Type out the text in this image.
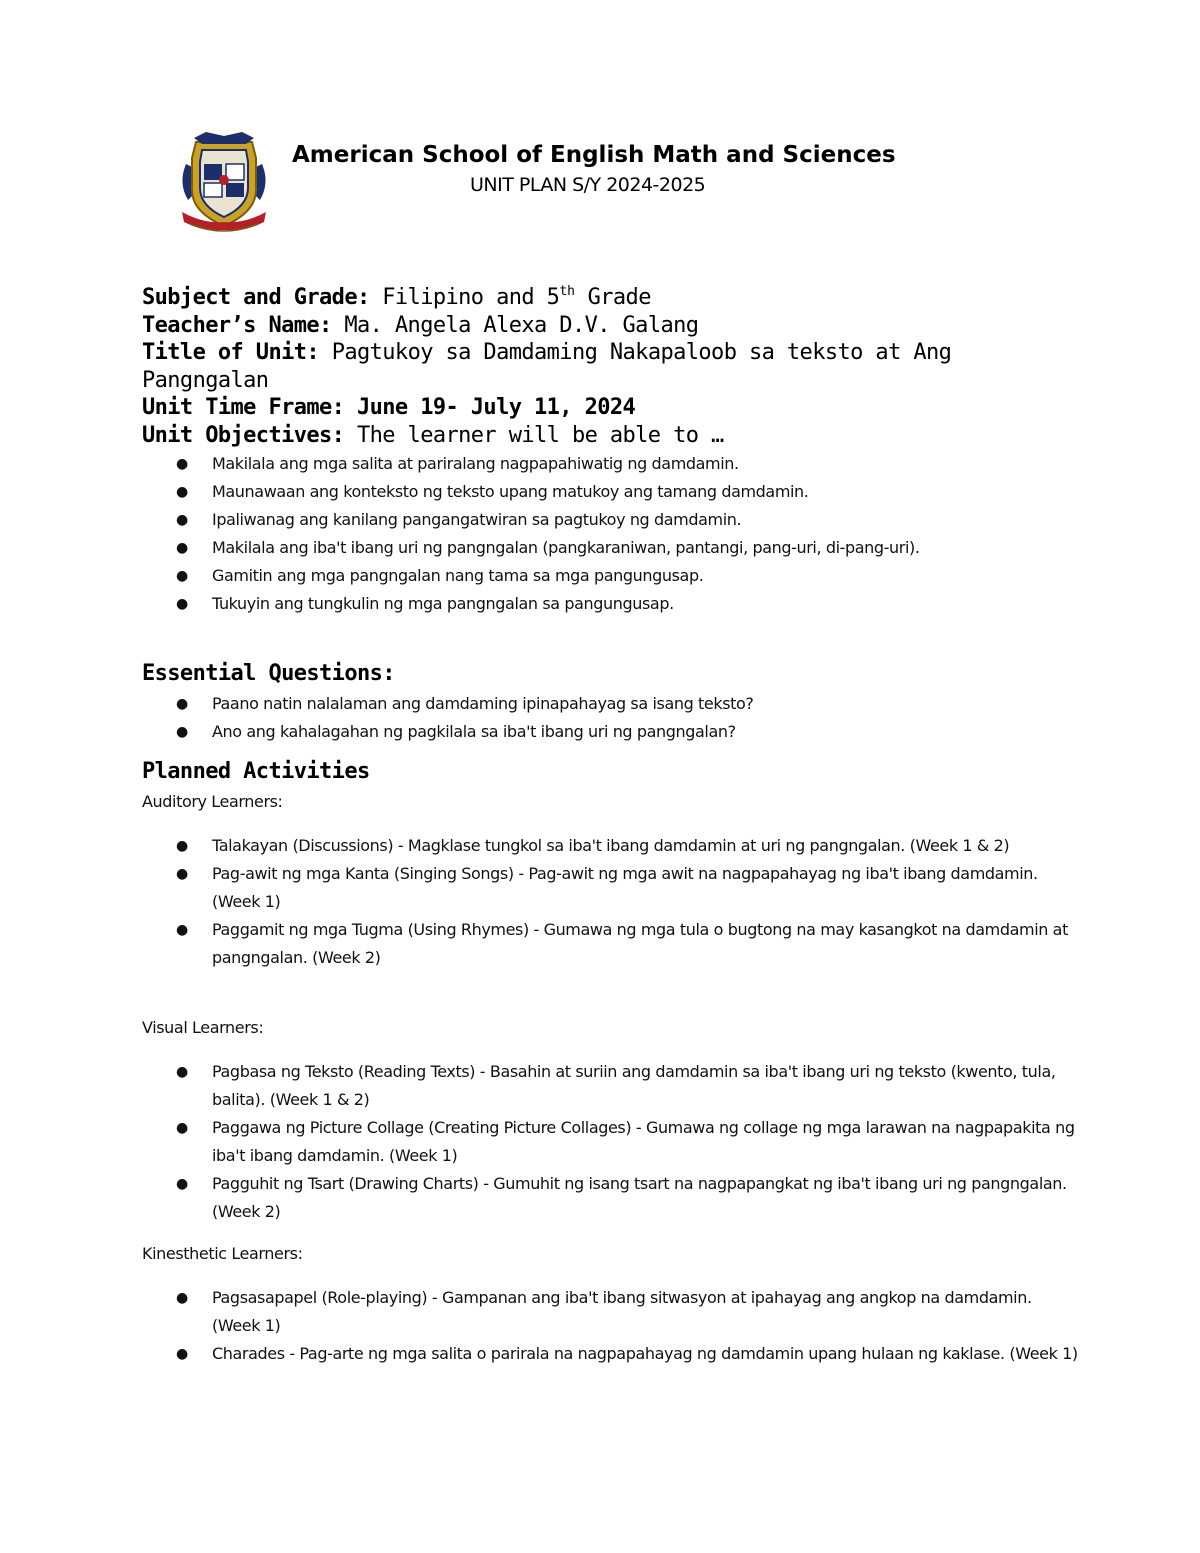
American School of English Math and Sciences
UNIT PLAN S/Y 2024-2025

Subject and Grade: Filipino and 5th Grade

Teacher’s Name: Ma. Angela Alexa D.V. Galang

Title of Unit: Pagtukoy sa Damdaming Nakapaloob sa teksto at Ang Pangngalan

Unit Time Frame: June 19- July 11, 2024

Unit Objectives: The learner will be able to …

● Makilala ang mga salita at pariralang nagpapahiwatig ng damdamin.
● Maunawaan ang konteksto ng teksto upang matukoy ang tamang damdamin.
● Ipaliwanag ang kanilang pangangatwiran sa pagtukoy ng damdamin.
● Makilala ang iba't ibang uri ng pangngalan (pangkaraniwan, pantangi, pang-uri, di-pang-uri).
● Gamitin ang mga pangngalan nang tama sa mga pangungusap.
● Tukuyin ang tungkulin ng mga pangngalan sa pangungusap.
Essential Questions:
● Paano natin nalalaman ang damdaming ipinapahayag sa isang teksto?
● Ano ang kahalagahan ng pagkilala sa iba't ibang uri ng pangngalan?
Planned Activities
Auditory Learners:
● Talakayan (Discussions) - Magklase tungkol sa iba't ibang damdamin at uri ng pangngalan. (Week 1 & 2)
● Pag-awit ng mga Kanta (Singing Songs) - Pag-awit ng mga awit na nagpapahayag ng iba't ibang damdamin. (Week 1)
● Paggamit ng mga Tugma (Using Rhymes) - Gumawa ng mga tula o bugtong na may kasangkot na damdamin at pangngalan. (Week 2)
Visual Learners:
● Pagbasa ng Teksto (Reading Texts) - Basahin at suriin ang damdamin sa iba't ibang uri ng teksto (kwento, tula, balita). (Week 1 & 2)
● Paggawa ng Picture Collage (Creating Picture Collages) - Gumawa ng collage ng mga larawan na nagpapakita ng iba't ibang damdamin. (Week 1)
● Pagguhit ng Tsart (Drawing Charts) - Gumuhit ng isang tsart na nagpapangkat ng iba't ibang uri ng pangngalan. (Week 2)
Kinesthetic Learners:
● Pagsasapapel (Role-playing) - Gampanan ang iba't ibang sitwasyon at ipahayag ang angkop na damdamin. (Week 1)
● Charades - Pag-arte ng mga salita o parirala na nagpapahayag ng damdamin upang hulaan ng kaklase. (Week 1)
